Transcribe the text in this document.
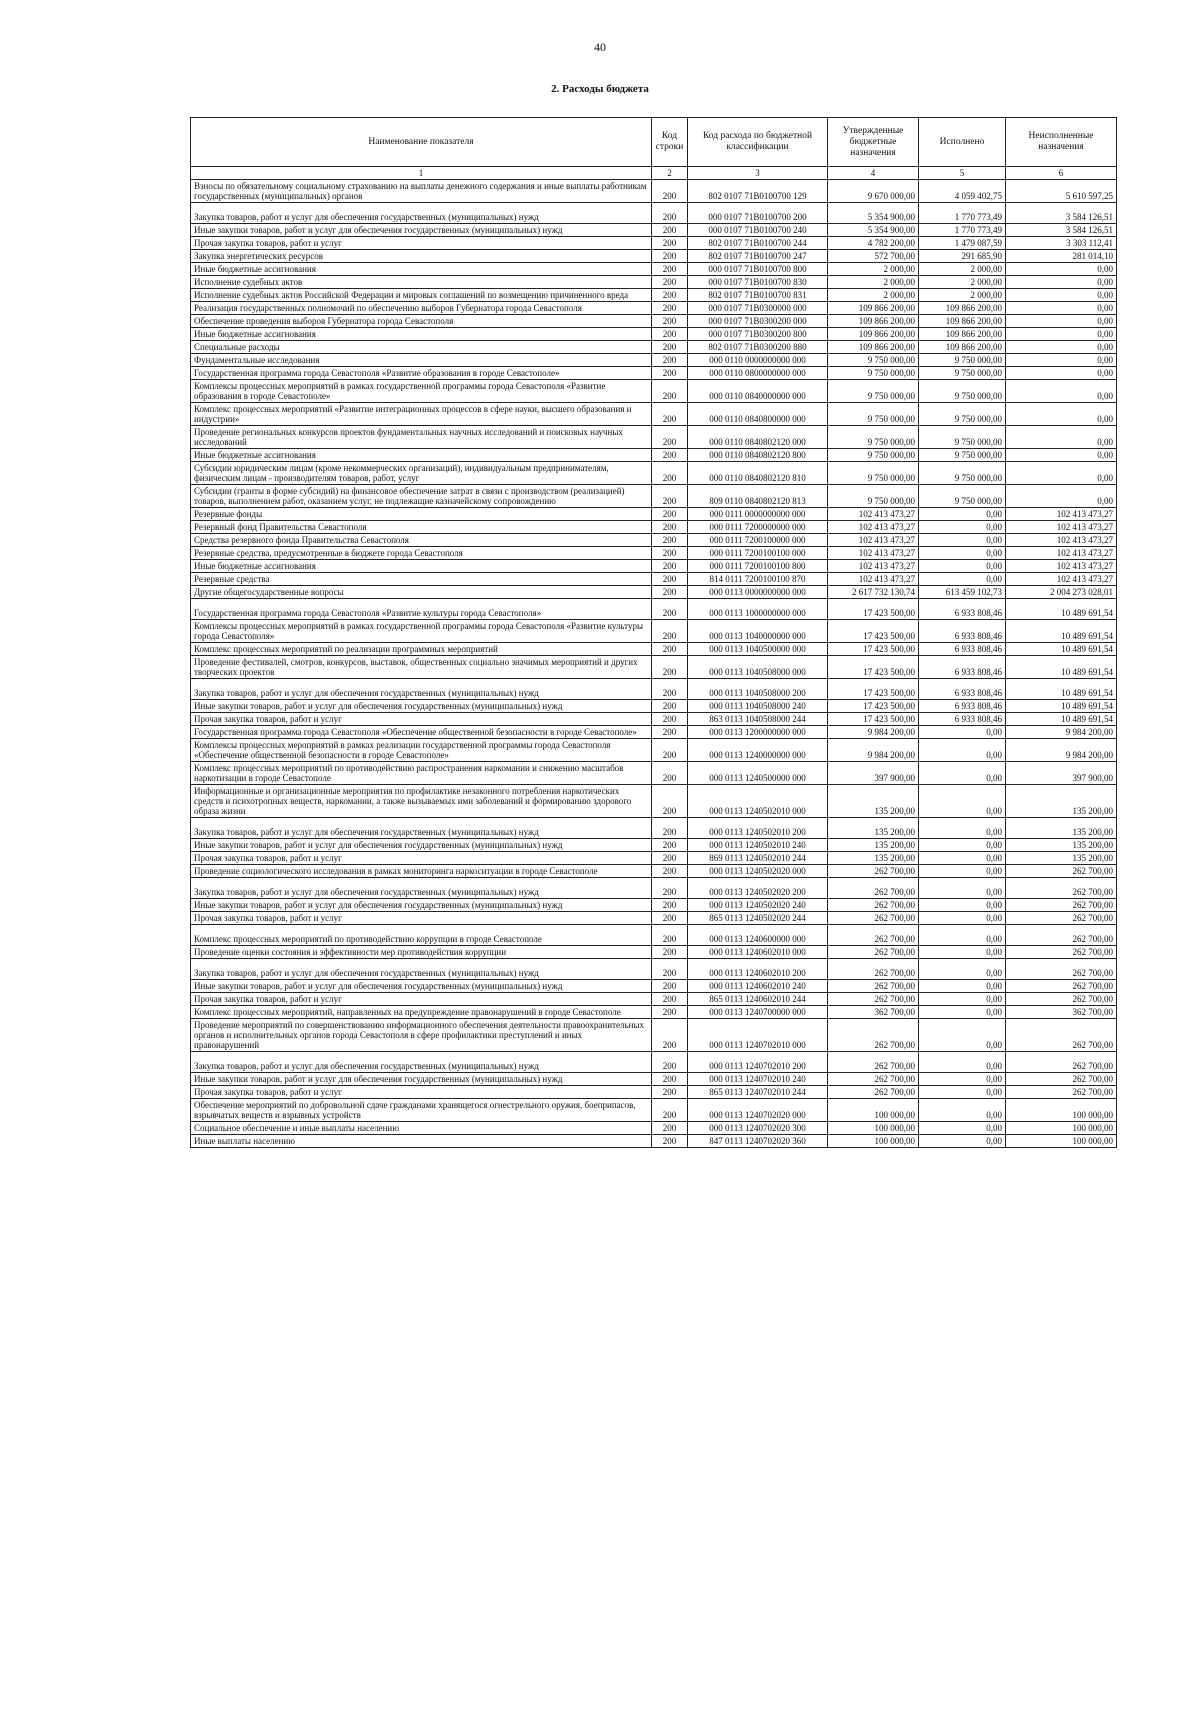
40
2. Расходы бюджета
Наименование показателя	Код строки	Код расхода по бюджетной классификации	Утвержденные бюджетные назначения	Исполнено	Неисполненные назначения
1	2	3	4	5	6
Взносы по обязательному социальному страхованию на выплаты денежного содержания и иные выплаты работникам государственных (муниципальных) органов	200	802 0107 71В0100700 129	9 670 000,00	4 059 402,75	5 610 597,25
Закупка товаров, работ и услуг для обеспечения государственных (муниципальных) нужд	200	000 0107 71В0100700 200	5 354 900,00	1 770 773,49	3 584 126,51
Иные закупки товаров, работ и услуг для обеспечения государственных (муниципальных) нужд	200	000 0107 71В0100700 240	5 354 900,00	1 770 773,49	3 584 126,51
Прочая закупка товаров, работ и услуг	200	802 0107 71В0100700 244	4 782 200,00	1 479 087,59	3 303 112,41
Закупка энергетических ресурсов	200	802 0107 71В0100700 247	572 700,00	291 685,90	281 014,10
Иные бюджетные ассигнования	200	000 0107 71В0100700 800	2 000,00	2 000,00	0,00
Исполнение судебных актов	200	000 0107 71В0100700 830	2 000,00	2 000,00	0,00
Исполнение судебных актов Российской Федерации и мировых соглашений по возмещению причиненного вреда	200	802 0107 71В0100700 831	2 000,00	2 000,00	0,00
Реализация государственных полномочий по обеспечению выборов Губернатора города Севастополя	200	000 0107 71В0300000 000	109 866 200,00	109 866 200,00	0,00
Обеспечение проведения выборов Губернатора города Севастополя	200	000 0107 71В0300200 000	109 866 200,00	109 866 200,00	0,00
Иные бюджетные ассигнования	200	000 0107 71В0300200 800	109 866 200,00	109 866 200,00	0,00
Специальные расходы	200	802 0107 71В0300200 880	109 866 200,00	109 866 200,00	0,00
Фундаментальные исследования	200	000 0110 0000000000 000	9 750 000,00	9 750 000,00	0,00
Государственная программа города Севастополя «Развитие образования в городе Севастополе»	200	000 0110 0800000000 000	9 750 000,00	9 750 000,00	0,00
Комплексы процессных мероприятий в рамках государственной программы города Севастополя «Развитие образования в городе Севастополе»	200	000 0110 0840000000 000	9 750 000,00	9 750 000,00	0,00
Комплекс процессных мероприятий «Развитие интеграционных процессов в сфере науки, высшего образования и индустрии»	200	000 0110 0840800000 000	9 750 000,00	9 750 000,00	0,00
Проведение региональных конкурсов проектов фундаментальных научных исследований и поисковых научных исследований	200	000 0110 0840802120 000	9 750 000,00	9 750 000,00	0,00
Иные бюджетные ассигнования	200	000 0110 0840802120 800	9 750 000,00	9 750 000,00	0,00
Субсидии юридическим лицам (кроме некоммерческих организаций), индивидуальным предпринимателям, физическим лицам - производителям товаров, работ, услуг	200	000 0110 0840802120 810	9 750 000,00	9 750 000,00	0,00
Субсидии (гранты в форме субсидий) на финансовое обеспечение затрат в связи с производством (реализацией) товаров, выполнением работ, оказанием услуг, не подлежащие казначейскому сопровождению	200	809 0110 0840802120 813	9 750 000,00	9 750 000,00	0,00
Резервные фонды	200	000 0111 0000000000 000	102 413 473,27	0,00	102 413 473,27
Резервный фонд Правительства Севастополя	200	000 0111 7200000000 000	102 413 473,27	0,00	102 413 473,27
Средства резервного фонда Правительства Севастополя	200	000 0111 7200100000 000	102 413 473,27	0,00	102 413 473,27
Резервные средства, предусмотренные в бюджете города Севастополя	200	000 0111 7200100100 000	102 413 473,27	0,00	102 413 473,27
Иные бюджетные ассигнования	200	000 0111 7200100100 800	102 413 473,27	0,00	102 413 473,27
Резервные средства	200	814 0111 7200100100 870	102 413 473,27	0,00	102 413 473,27
Другие общегосударственные вопросы	200	000 0113 0000000000 000	2 617 732 130,74	613 459 102,73	2 004 273 028,01
Государственная программа города Севастополя «Развитие культуры города Севастополя»	200	000 0113 1000000000 000	17 423 500,00	6 933 808,46	10 489 691,54
Комплексы процессных мероприятий в рамках государственной программы города Севастополя «Развитие культуры города Севастополя»	200	000 0113 1040000000 000	17 423 500,00	6 933 808,46	10 489 691,54
Комплекс процессных мероприятий по реализации программных мероприятий	200	000 0113 1040500000 000	17 423 500,00	6 933 808,46	10 489 691,54
Проведение фестивалей, смотров, конкурсов, выставок, общественных социально значимых мероприятий и других творческих проектов	200	000 0113 1040508000 000	17 423 500,00	6 933 808,46	10 489 691,54
Закупка товаров, работ и услуг для обеспечения государственных (муниципальных) нужд	200	000 0113 1040508000 200	17 423 500,00	6 933 808,46	10 489 691,54
Иные закупки товаров, работ и услуг для обеспечения государственных (муниципальных) нужд	200	000 0113 1040508000 240	17 423 500,00	6 933 808,46	10 489 691,54
Прочая закупка товаров, работ и услуг	200	863 0113 1040508000 244	17 423 500,00	6 933 808,46	10 489 691,54
Государственная программа города Севастополя «Обеспечение общественной безопасности в городе Севастополе»	200	000 0113 1200000000 000	9 984 200,00	0,00	9 984 200,00
Комплексы процессных мероприятий в рамках реализации государственной программы города Севастополя «Обеспечение общественной безопасности в городе Севастополе»	200	000 0113 1240000000 000	9 984 200,00	0,00	9 984 200,00
Комплекс процессных мероприятий по противодействию распространения наркомании и снижению масштабов наркотизации в городе Севастополе	200	000 0113 1240500000 000	397 900,00	0,00	397 900,00
Информационные и организационные мероприятия по профилактике незаконного потребления наркотических средств и психотропных веществ, наркомании, а также вызываемых ими заболеваний и формированию здорового образа жизни	200	000 0113 1240502010 000	135 200,00	0,00	135 200,00
Закупка товаров, работ и услуг для обеспечения государственных (муниципальных) нужд	200	000 0113 1240502010 200	135 200,00	0,00	135 200,00
Иные закупки товаров, работ и услуг для обеспечения государственных (муниципальных) нужд	200	000 0113 1240502010 240	135 200,00	0,00	135 200,00
Прочая закупка товаров, работ и услуг	200	869 0113 1240502010 244	135 200,00	0,00	135 200,00
Проведение социологического исследования в рамках мониторинга наркоситуации в городе Севастополе	200	000 0113 1240502020 000	262 700,00	0,00	262 700,00
Закупка товаров, работ и услуг для обеспечения государственных (муниципальных) нужд	200	000 0113 1240502020 200	262 700,00	0,00	262 700,00
Иные закупки товаров, работ и услуг для обеспечения государственных (муниципальных) нужд	200	000 0113 1240502020 240	262 700,00	0,00	262 700,00
Прочая закупка товаров, работ и услуг	200	865 0113 1240502020 244	262 700,00	0,00	262 700,00
Комплекс процессных мероприятий по противодействию коррупции в городе Севастополе	200	000 0113 1240600000 000	262 700,00	0,00	262 700,00
Проведение оценки состояния и эффективности мер противодействия коррупции	200	000 0113 1240602010 000	262 700,00	0,00	262 700,00
Закупка товаров, работ и услуг для обеспечения государственных (муниципальных) нужд	200	000 0113 1240602010 200	262 700,00	0,00	262 700,00
Иные закупки товаров, работ и услуг для обеспечения государственных (муниципальных) нужд	200	000 0113 1240602010 240	262 700,00	0,00	262 700,00
Прочая закупка товаров, работ и услуг	200	865 0113 1240602010 244	262 700,00	0,00	262 700,00
Комплекс процессных мероприятий, направленных на предупреждение правонарушений в городе Севастополе	200	000 0113 1240700000 000	362 700,00	0,00	362 700,00
Проведение мероприятий по совершенствованию информационного обеспечения деятельности правоохранительных органов и исполнительных органов города Севастополя в сфере профилактики преступлений и иных правонарушений	200	000 0113 1240702010 000	262 700,00	0,00	262 700,00
Закупка товаров, работ и услуг для обеспечения государственных (муниципальных) нужд	200	000 0113 1240702010 200	262 700,00	0,00	262 700,00
Иные закупки товаров, работ и услуг для обеспечения государственных (муниципальных) нужд	200	000 0113 1240702010 240	262 700,00	0,00	262 700,00
Прочая закупка товаров, работ и услуг	200	865 0113 1240702010 244	262 700,00	0,00	262 700,00
Обеспечение мероприятий по добровольной сдаче гражданами хранящегося огнестрельного оружия, боеприпасов, взрывчатых веществ и взрывных устройств	200	000 0113 1240702020 000	100 000,00	0,00	100 000,00
Социальное обеспечение и иные выплаты населению	200	000 0113 1240702020 300	100 000,00	0,00	100 000,00
Иные выплаты населению	200	847 0113 1240702020 360	100 000,00	0,00	100 000,00
